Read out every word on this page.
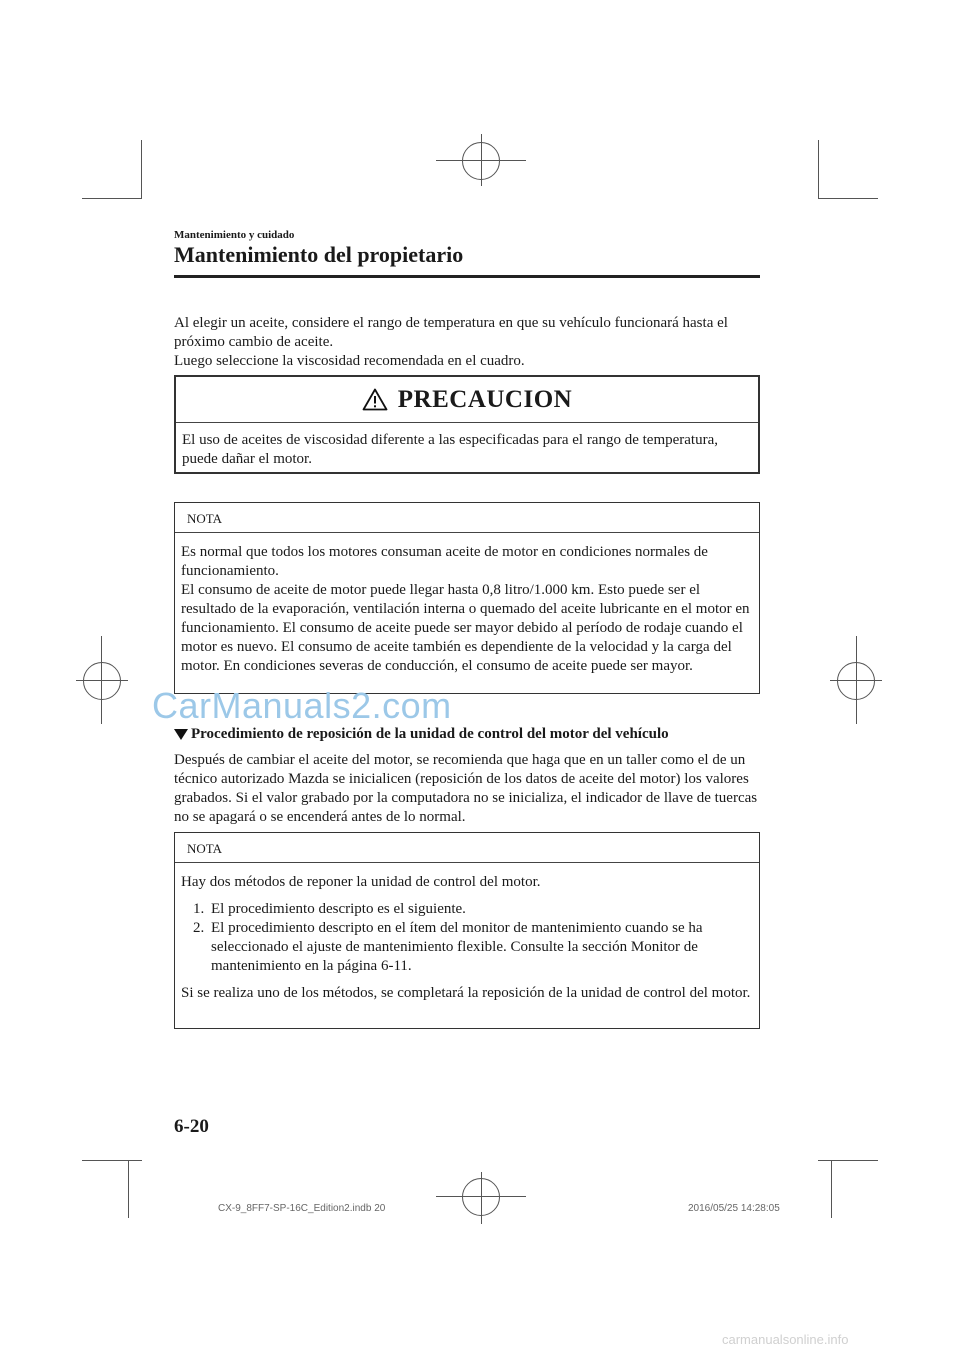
Mantenimiento y cuidado
Mantenimiento del propietario
Al elegir un aceite, considere el rango de temperatura en que su vehículo funcionará hasta el
próximo cambio de aceite.
Luego seleccione la viscosidad recomendada en el cuadro.
PRECAUCION
El uso de aceites de viscosidad diferente a las especificadas para el rango de temperatura, puede dañar el motor.
NOTA
Es normal que todos los motores consuman aceite de motor en condiciones normales de funcionamiento.
El consumo de aceite de motor puede llegar hasta 0,8 litro/1.000 km. Esto puede ser el resultado de la evaporación, ventilación interna o quemado del aceite lubricante en el motor en funcionamiento. El consumo de aceite puede ser mayor debido al período de rodaje cuando el motor es nuevo. El consumo de aceite también es dependiente de la velocidad y la carga del motor. En condiciones severas de conducción, el consumo de aceite puede ser mayor.
CarManuals2.com
Procedimiento de reposición de la unidad de control del motor del vehículo
Después de cambiar el aceite del motor, se recomienda que haga que en un taller como el de un técnico autorizado Mazda se inicialicen (reposición de los datos de aceite del motor) los valores grabados. Si el valor grabado por la computadora no se inicializa, el indicador de llave de tuercas no se apagará o se encenderá antes de lo normal.
NOTA

Hay dos métodos de reponer la unidad de control del motor.

1. El procedimiento descripto es el siguiente.
2. El procedimiento descripto en el ítem del monitor de mantenimiento cuando se ha seleccionado el ajuste de mantenimiento flexible. Consulte la sección Monitor de mantenimiento en la página 6-11.

Si se realiza uno de los métodos, se completará la reposición de la unidad de control del motor.

6-20
CX-9_8FF7-SP-16C_Edition2.indb 20	2016/05/25 14:28:05
carmanualsonline.info
